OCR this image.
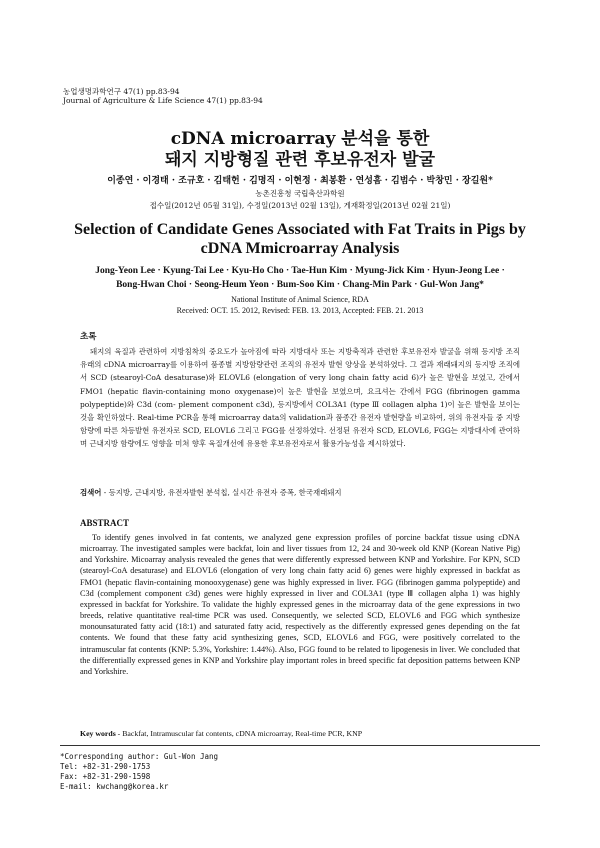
농업생명과학연구 47(1) pp.83-94
Journal of Agriculture & Life Science 47(1) pp.83-94
cDNA microarray 분석을 통한
돼지 지방형질 관련 후보유전자 발굴
이종연 · 이경태 · 조규호 · 김태헌 · 김명직 · 이현정 · 최봉환 · 연성흠 · 김범수 · 박창민 · 장길원*
농촌진흥청 국립축산과학원
접수일(2012년 05월 31일), 수정일(2013년 02월 13일), 게재확정일(2013년 02월 21일)
Selection of Candidate Genes Associated with Fat Traits in Pigs by
cDNA Mmicroarray Analysis
Jong-Yeon Lee · Kyung-Tai Lee · Kyu-Ho Cho · Tae-Hun Kim · Myung-Jick Kim · Hyun-Jeong Lee ·
Bong-Hwan Choi · Seong-Heum Yeon · Bum-Soo Kim · Chang-Min Park · Gul-Won Jang*
National Institute of Animal Science, RDA
Received: OCT. 15. 2012, Revised: FEB. 13. 2013, Accepted: FEB. 21. 2013
초록

돼지의 육질과 관련하여 지방침착의 중요도가 높아짐에 따라 지방대사 또는 지방축적과 관련한 후보유전자 발굴을 위해 등지방 조직 유래의 cDNA microarray를 이용하여 품종별 지방함량관련 조직의 유전자 발현 양상을 분석하였다. 그 결과 재래돼지의 등지방 조직에서 SCD (stearoyl-CoA desaturase)와 ELOVL6 (elongation of very long chain fatty acid 6)가 높은 발현을 보였고, 간에서 FMO1 (hepatic flavin-containing mono oxygenase)이 높은 발현을 보였으며, 요크셔는 간에서 FGG (fibrinogen gamma polypeptide)와 C3d (com- plement component c3d), 등지방에서 COL3A1 (type Ⅲ collagen alpha 1)이 높은 발현을 보이는 것을 확인하였다. Real-time PCR을 통해 microarray data의 validation과 품종간 유전자 발현량을 비교하여, 위의 유전자들 중 지방함량에 따른 차등발현 유전자로 SCD, ELOVL6 그리고 FGG를 선정하였다. 선정된 유전자 SCD, ELOVL6, FGG는 지방대사에 관여하며 근내지방 함량에도 영향을 미쳐 향후 육질개선에 유용한 후보유전자로서 활용가능성을 제시하였다.

검색어 - 등지방, 근내지방, 유전자발현 분석칩, 실시간 유전자 증폭, 한국재래돼지
ABSTRACT

To identify genes involved in fat contents, we analyzed gene expression profiles of porcine backfat tissue using cDNA microarray. The investigated samples were backfat, loin and liver tissues from 12, 24 and 30-week old KNP (Korean Native Pig) and Yorkshire. Micoarray analysis revealed the genes that were differently expressed between KNP and Yorkshire. For KPN, SCD (stearoyl-CoA desaturase) and ELOVL6 (elongation of very long chain fatty acid 6) genes were highly expressed in backfat as FMO1 (hepatic flavin-containing monooxygenase) gene was highly expressed in liver. FGG (fibrinogen gamma polypeptide) and C3d (complement component c3d) genes were highly expressed in liver and COL3A1 (type Ⅲ collagen alpha 1) was highly expressed in backfat for Yorkshire. To validate the highly expressed genes in the microarray data of the gene expressions in two breeds, relative quantitative real-time PCR was used. Consequently, we selected SCD, ELOVL6 and FGG which synthesize monounsaturated fatty acid (18:1) and saturated fatty acid, respectively as the differently expressed genes depending on the fat contents. We found that these fatty acid synthesizing genes, SCD, ELOVL6 and FGG, were positively correlated to the intramuscular fat contents (KNP: 5.3%, Yorkshire: 1.44%). Also, FGG found to be related to lipogenesis in liver. We concluded that the differentially expressed genes in KNP and Yorkshire play important roles in breed specific fat deposition patterns between KNP and Yorkshire.

Key words - Backfat, Intramuscular fat contents, cDNA microarray, Real-time PCR, KNP
*Corresponding author: Gul-Won Jang
Tel: +82-31-290-1753
Fax: +82-31-290-1598
E-mail: kwchang@korea.kr
